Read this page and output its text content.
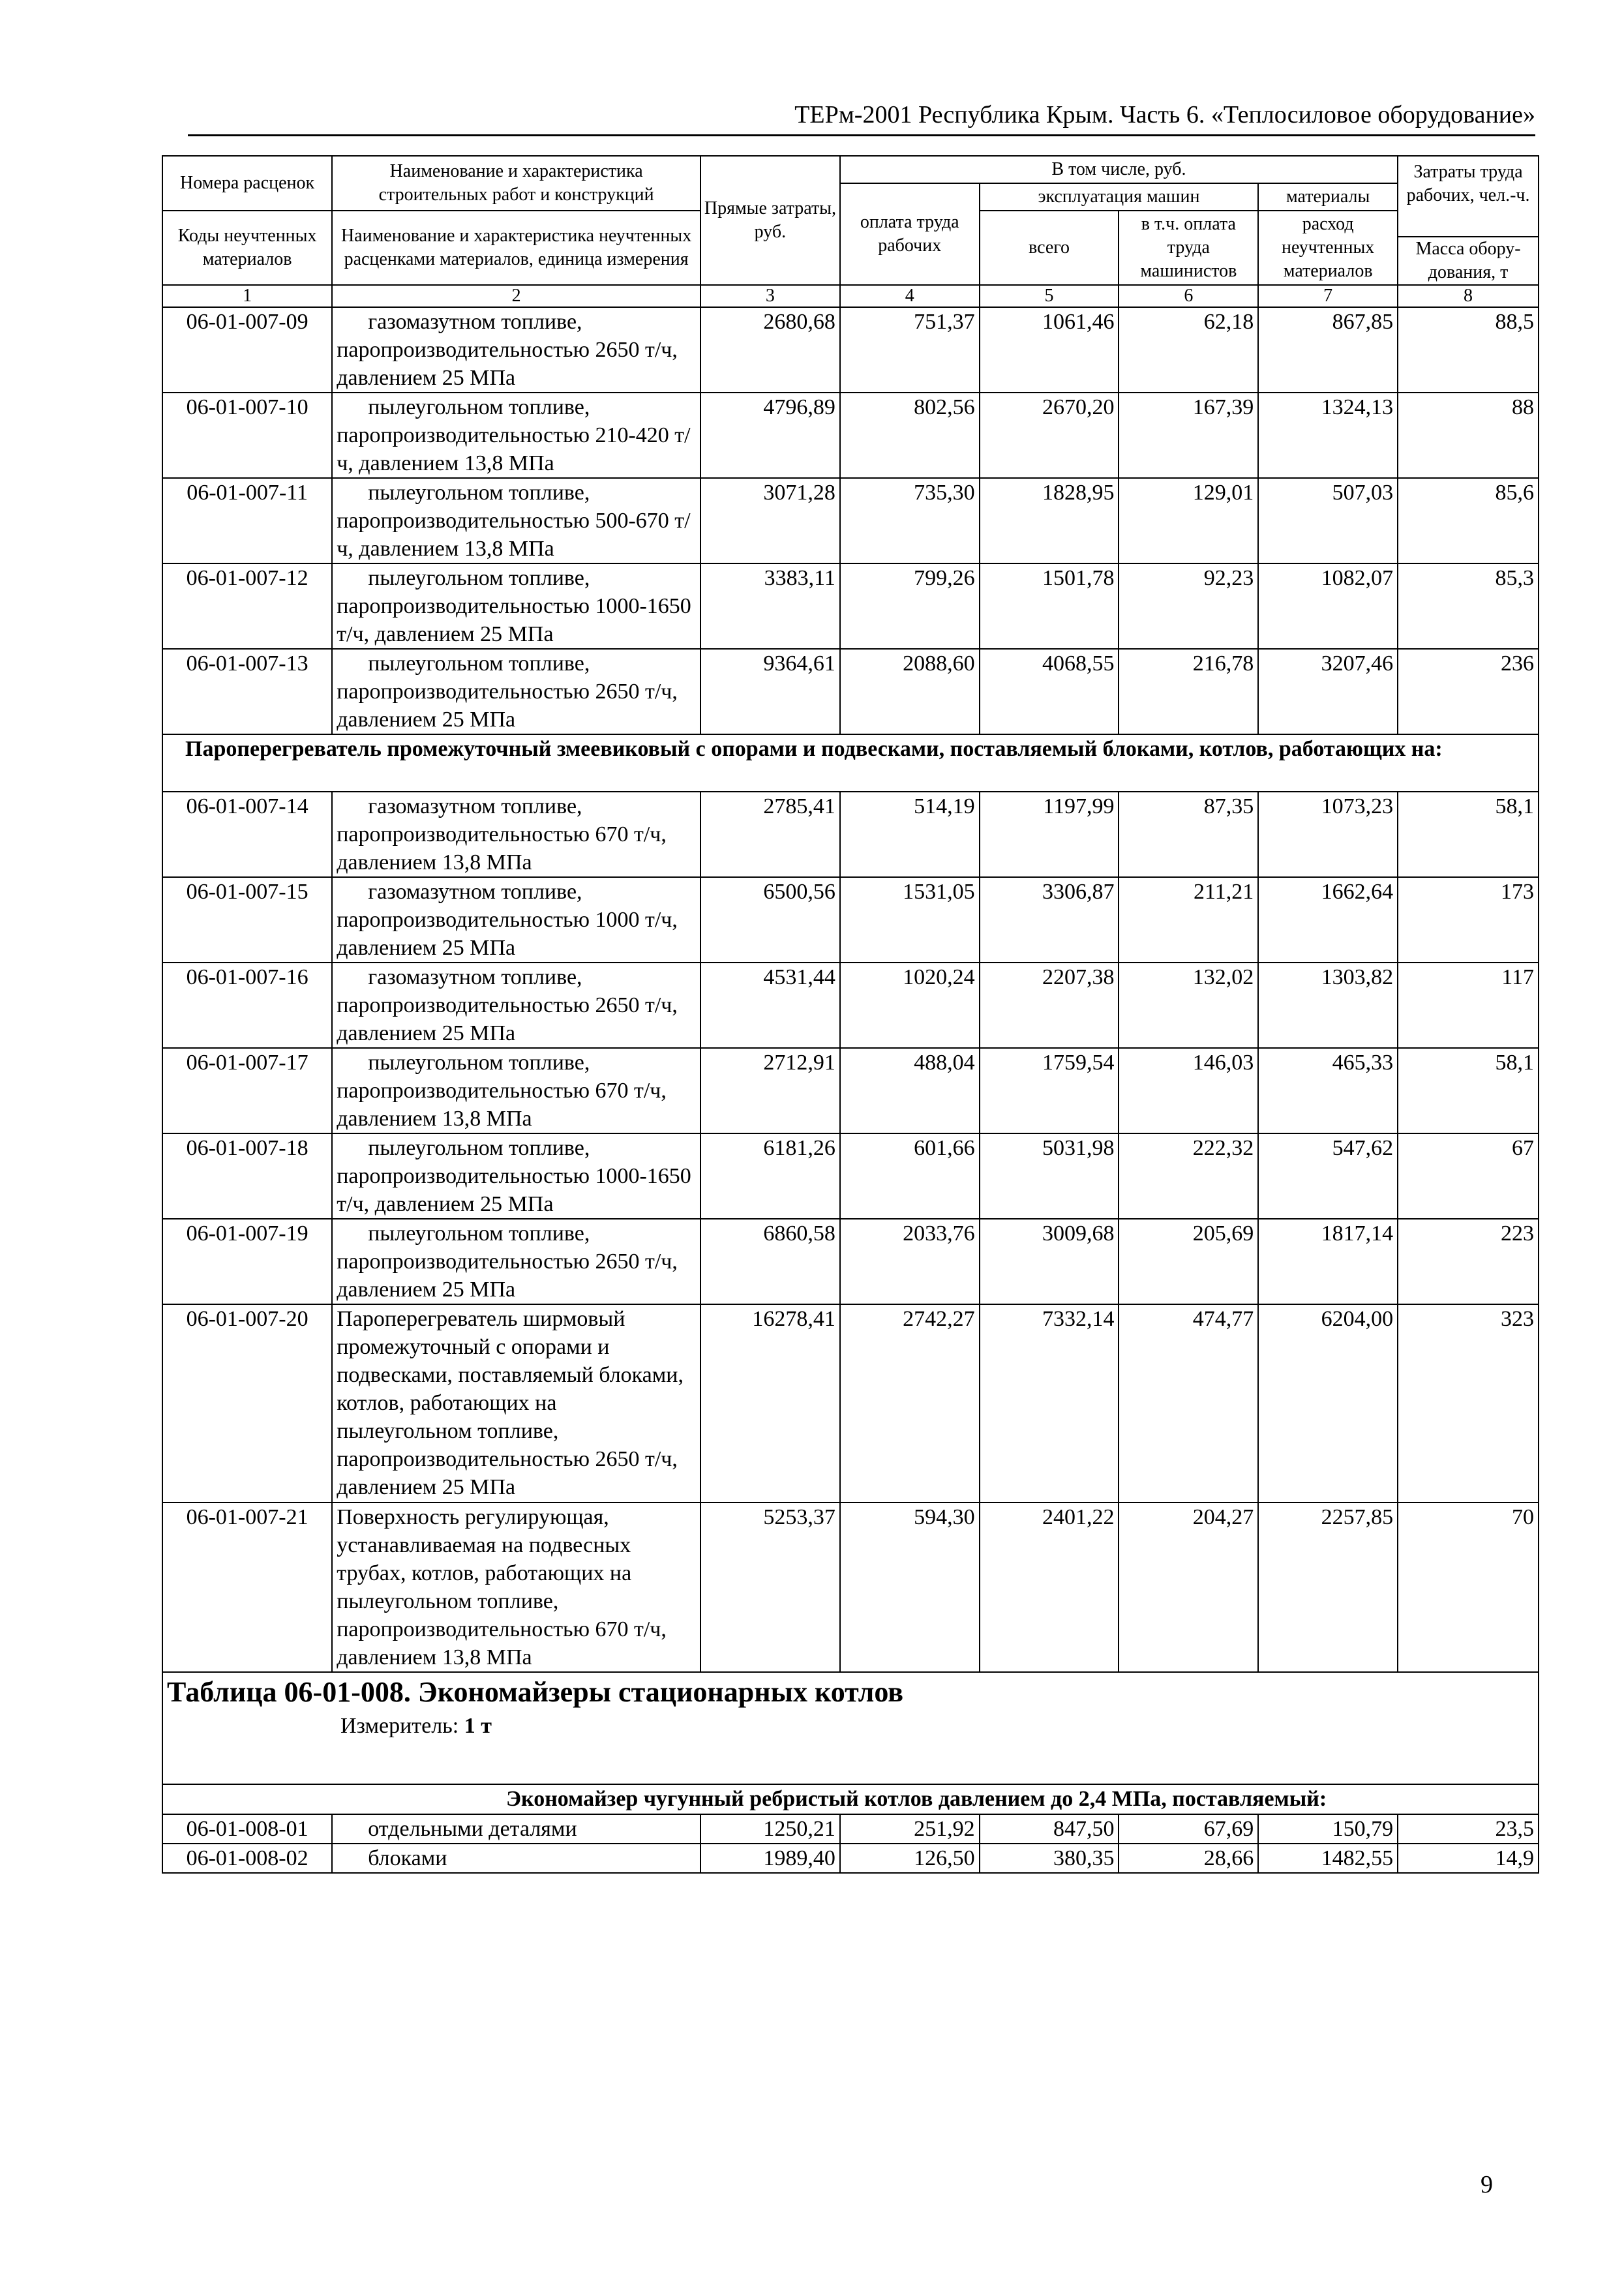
ТЕРм-2001 Республика Крым. Часть 6. «Теплосиловое оборудование»
Номера расценок	Наименование и характеристика строительных работ и конструкций	Прямые затраты, руб.	В том числе, руб.				Затраты труда рабочих, чел.-ч.
			оплата труда рабочих	эксплуатация машин		материалы	
Коды неучтенных материалов	Наименование и характеристика неучтенных расценками материалов, единица измерения			всего	в т.ч. оплата труда машинистов	расход неучтенных материалов	
							Масса обору-дования, т
1	2	3	4	5	6	7	8
06-01-007-09	газомазутном топливе, паропроизводительностью 2650 т/ч, давлением 25 МПа	2680,68	751,37	1061,46	62,18	867,85	88,5
06-01-007-10	пылеугольном топливе, паропроизводительностью 210-420 т/ч, давлением 13,8 МПа	4796,89	802,56	2670,20	167,39	1324,13	88
06-01-007-11	пылеугольном топливе, паропроизводительностью 500-670 т/ч, давлением 13,8 МПа	3071,28	735,30	1828,95	129,01	507,03	85,6
06-01-007-12	пылеугольном топливе, паропроизводительностью 1000-1650 т/ч, давлением 25 МПа	3383,11	799,26	1501,78	92,23	1082,07	85,3
06-01-007-13	пылеугольном топливе, паропроизводительностью 2650 т/ч, давлением 25 МПа	9364,61	2088,60	4068,55	216,78	3207,46	236

Пароперегреватель промежуточный змеевиковый с опорами и подвесками, поставляемый блоками, котлов, работающих на:							

06-01-007-14	газомазутном топливе, паропроизводительностью 670 т/ч, давлением 13,8 МПа	2785,41	514,19	1197,99	87,35	1073,23	58,1
06-01-007-15	газомазутном топливе, паропроизводительностью 1000 т/ч, давлением 25 МПа	6500,56	1531,05	3306,87	211,21	1662,64	173
06-01-007-16	газомазутном топливе, паропроизводительностью 2650 т/ч, давлением 25 МПа	4531,44	1020,24	2207,38	132,02	1303,82	117
06-01-007-17	пылеугольном топливе, паропроизводительностью 670 т/ч, давлением 13,8 МПа	2712,91	488,04	1759,54	146,03	465,33	58,1
06-01-007-18	пылеугольном топливе, паропроизводительностью 1000-1650 т/ч, давлением 25 МПа	6181,26	601,66	5031,98	222,32	547,62	67
06-01-007-19	пылеугольном топливе, паропроизводительностью 2650 т/ч, давлением 25 МПа	6860,58	2033,76	3009,68	205,69	1817,14	223
06-01-007-20	Пароперегреватель ширмовый промежуточный с опорами и подвесками, поставляемый блоками, котлов, работающих на пылеугольном топливе, паропроизводительностью 2650 т/ч, давлением 25 МПа	16278,41	2742,27	7332,14	474,77	6204,00	323
06-01-007-21	Поверхность регулирующая, устанавливаемая на подвесных трубах, котлов, работающих на пылеугольном топливе, паропроизводительностью 670 т/ч, давлением 13,8 МПа	5253,37	594,30	2401,22	204,27	2257,85	70

Таблица 06-01-008. Экономайзеры стационарных котлов
Измеритель: 1 т							

Экономайзер чугунный ребристый котлов давлением до 2,4 МПа, поставляемый:							

06-01-008-01	отдельными деталями	1250,21	251,92	847,50	67,69	150,79	23,5
06-01-008-02	блоками	1989,40	126,50	380,35	28,66	1482,55	14,9
9
